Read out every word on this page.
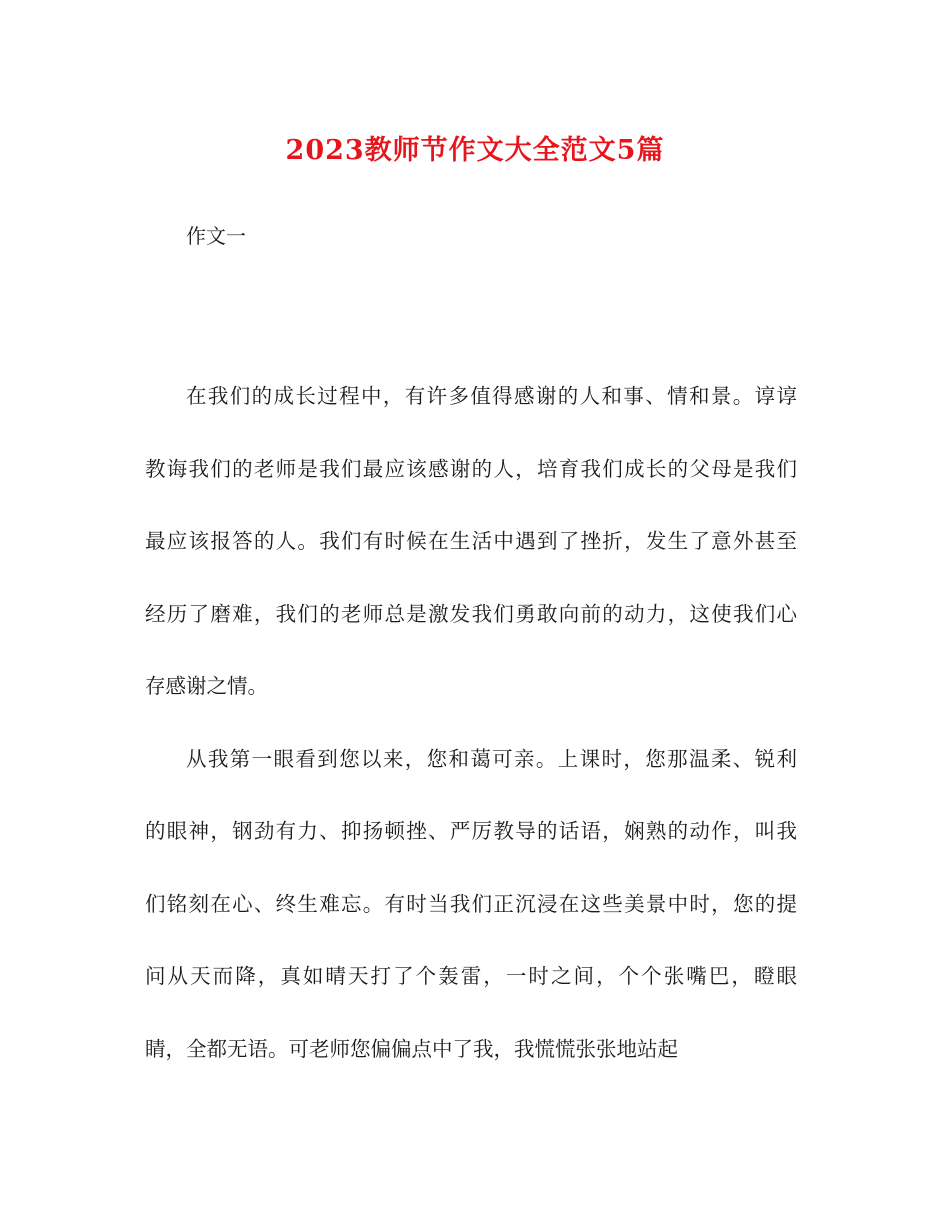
2023教师节作文大全范文5篇
作文一

在我们的成长过程中，有许多值得感谢的人和事、情和景。谆谆
教诲我们的老师是我们最应该感谢的人，培育我们成长的父母是我们
最应该报答的人。我们有时候在生活中遇到了挫折，发生了意外甚至
经历了磨难，我们的老师总是激发我们勇敢向前的动力，这使我们心
存感谢之情。

从我第一眼看到您以来，您和蔼可亲。上课时，您那温柔、锐利
的眼神，钢劲有力、抑扬顿挫、严厉教导的话语，娴熟的动作，叫我
们铭刻在心、终生难忘。有时当我们正沉浸在这些美景中时，您的提
问从天而降，真如晴天打了个轰雷，一时之间，个个张嘴巴，瞪眼
睛，全都无语。可老师您偏偏点中了我，我慌慌张张地站起
